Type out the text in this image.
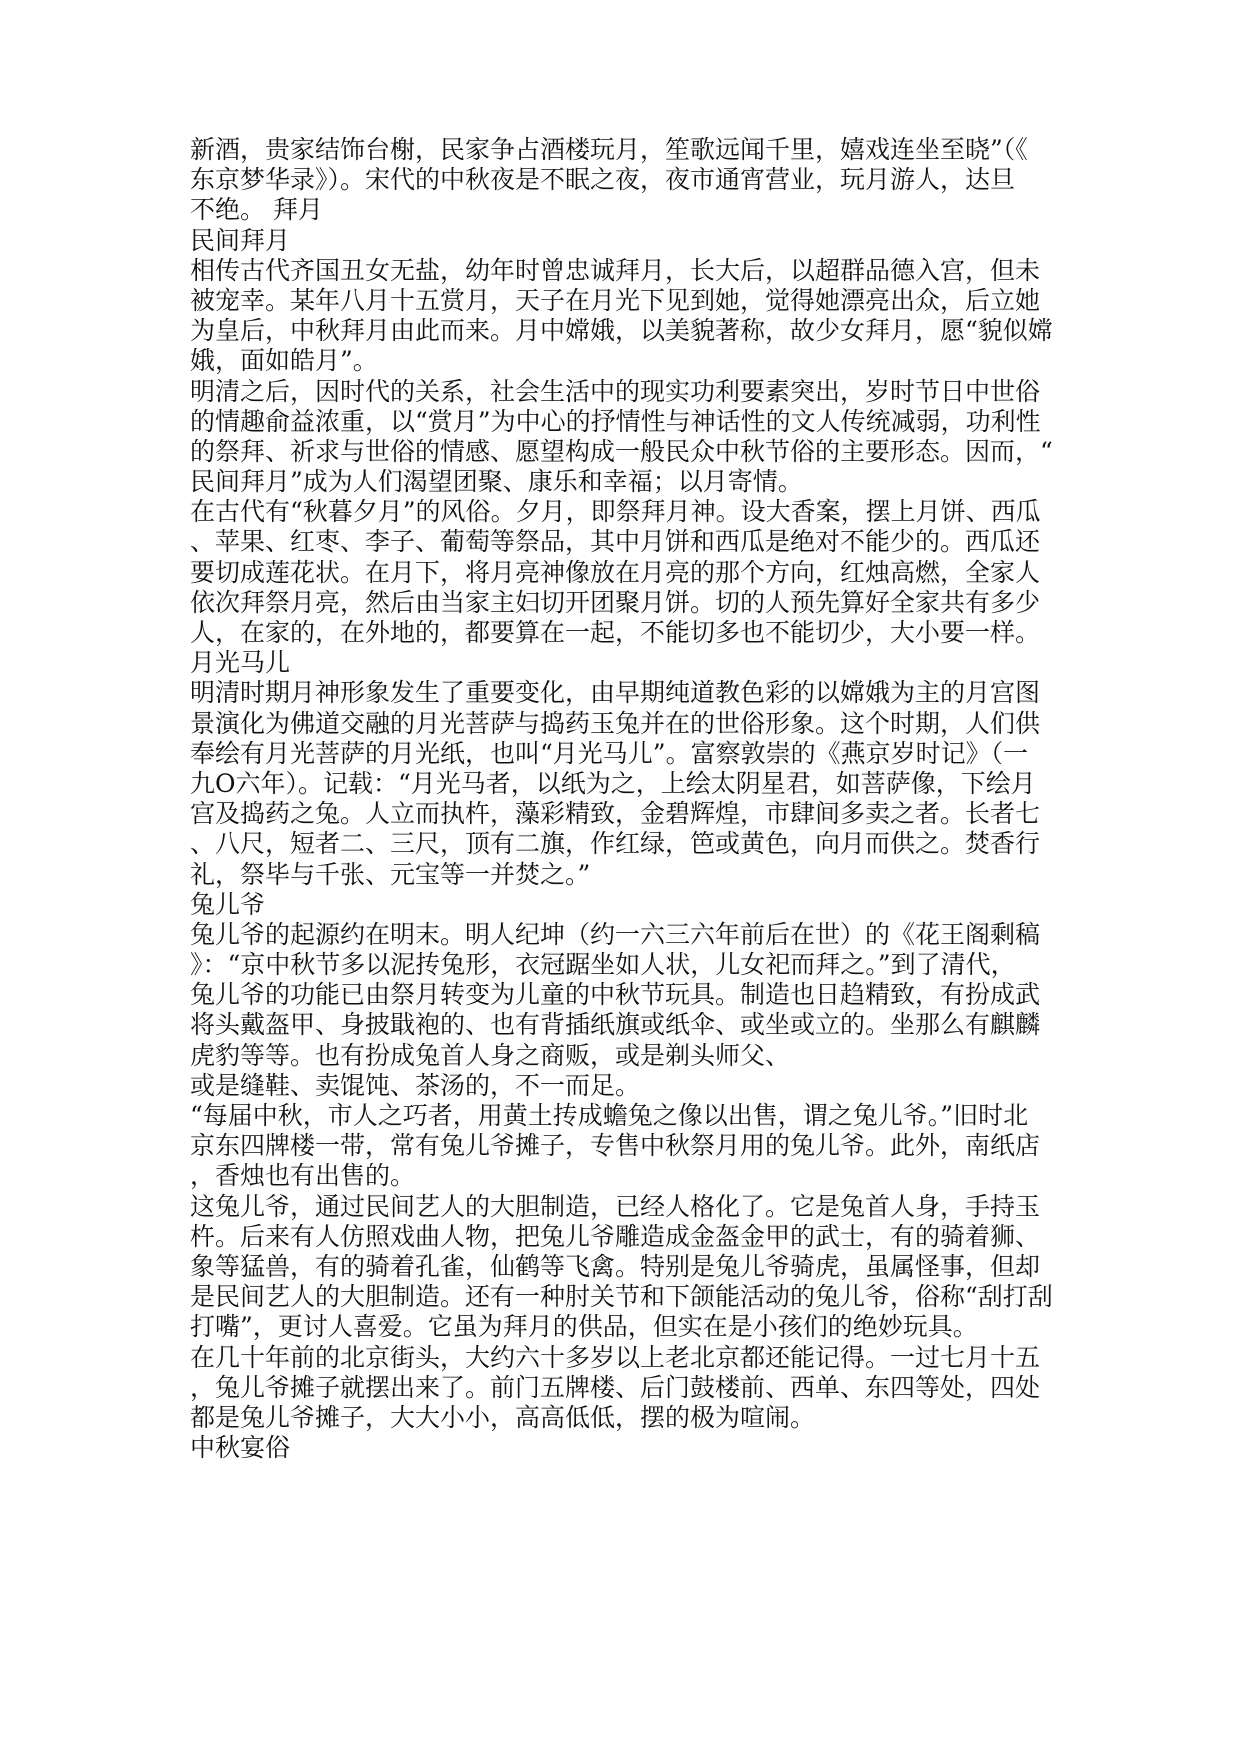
新酒，贵家结饰台榭，民家争占酒楼玩月，笙歌远闻千里，嬉戏连坐至晓”（《
东京梦华录》）。宋代的中秋夜是不眠之夜，夜市通宵营业，玩月游人，达旦
不绝。 拜月
民间拜月
相传古代齐国丑女无盐，幼年时曾忠诚拜月，长大后，以超群品德入宫，但未
被宠幸。某年八月十五赏月，天子在月光下见到她，觉得她漂亮出众，后立她
为皇后，中秋拜月由此而来。月中嫦娥，以美貌著称，故少女拜月，愿“貌似嫦
娥，面如皓月”。
明清之后，因时代的关系，社会生活中的现实功利要素突出，岁时节日中世俗
的情趣俞益浓重，以“赏月”为中心的抒情性与神话性的文人传统减弱，功利性
的祭拜、祈求与世俗的情感、愿望构成一般民众中秋节俗的主要形态。因而，“
民间拜月”成为人们渴望团聚、康乐和幸福；以月寄情。
在古代有“秋暮夕月”的风俗。夕月，即祭拜月神。设大香案，摆上月饼、西瓜
、苹果、红枣、李子、葡萄等祭品，其中月饼和西瓜是绝对不能少的。西瓜还
要切成莲花状。在月下，将月亮神像放在月亮的那个方向，红烛高燃，全家人
依次拜祭月亮，然后由当家主妇切开团聚月饼。切的人预先算好全家共有多少
人，在家的，在外地的，都要算在一起，不能切多也不能切少，大小要一样。
月光马儿
明清时期月神形象发生了重要变化，由早期纯道教色彩的以嫦娥为主的月宫图
景演化为佛道交融的月光菩萨与捣药玉兔并在的世俗形象。这个时期，人们供
奉绘有月光菩萨的月光纸，也叫“月光马儿”。富察敦崇的《燕京岁时记》（一
九O六年）。记载：“月光马者，以纸为之，上绘太阴星君，如菩萨像，下绘月
宫及捣药之兔。人立而执杵，藻彩精致，金碧辉煌，市肆间多卖之者。长者七
、八尺，短者二、三尺，顶有二旗，作红绿，笆或黄色，向月而供之。焚香行
礼，祭毕与千张、元宝等一并焚之。”
兔儿爷
兔儿爷的起源约在明末。明人纪坤（约一六三六年前后在世）的《花王阁剩稿
》：“京中秋节多以泥抟兔形，衣冠踞坐如人状，儿女祀而拜之。”到了清代，
兔儿爷的功能已由祭月转变为儿童的中秋节玩具。制造也日趋精致，有扮成武
将头戴盔甲、身披戢袍的、也有背插纸旗或纸伞、或坐或立的。坐那么有麒麟
虎豹等等。也有扮成兔首人身之商贩，或是剃头师父、
或是缝鞋、卖馄饨、茶汤的，不一而足。
“每届中秋，市人之巧者，用黄土抟成蟾兔之像以出售，谓之兔儿爷。”旧时北
京东四牌楼一带，常有兔儿爷摊子，专售中秋祭月用的兔儿爷。此外，南纸店
，香烛也有出售的。
这兔儿爷，通过民间艺人的大胆制造，已经人格化了。它是兔首人身，手持玉
杵。后来有人仿照戏曲人物，把兔儿爷雕造成金盔金甲的武士，有的骑着狮、
象等猛兽，有的骑着孔雀，仙鹤等飞禽。特别是兔儿爷骑虎，虽属怪事，但却
是民间艺人的大胆制造。还有一种肘关节和下颌能活动的兔儿爷，俗称“刮打刮
打嘴”，更讨人喜爱。它虽为拜月的供品，但实在是小孩们的绝妙玩具。
在几十年前的北京街头，大约六十多岁以上老北京都还能记得。一过七月十五
，兔儿爷摊子就摆出来了。前门五牌楼、后门鼓楼前、西单、东四等处，四处
都是兔儿爷摊子，大大小小，高高低低，摆的极为喧闹。
中秋宴俗
